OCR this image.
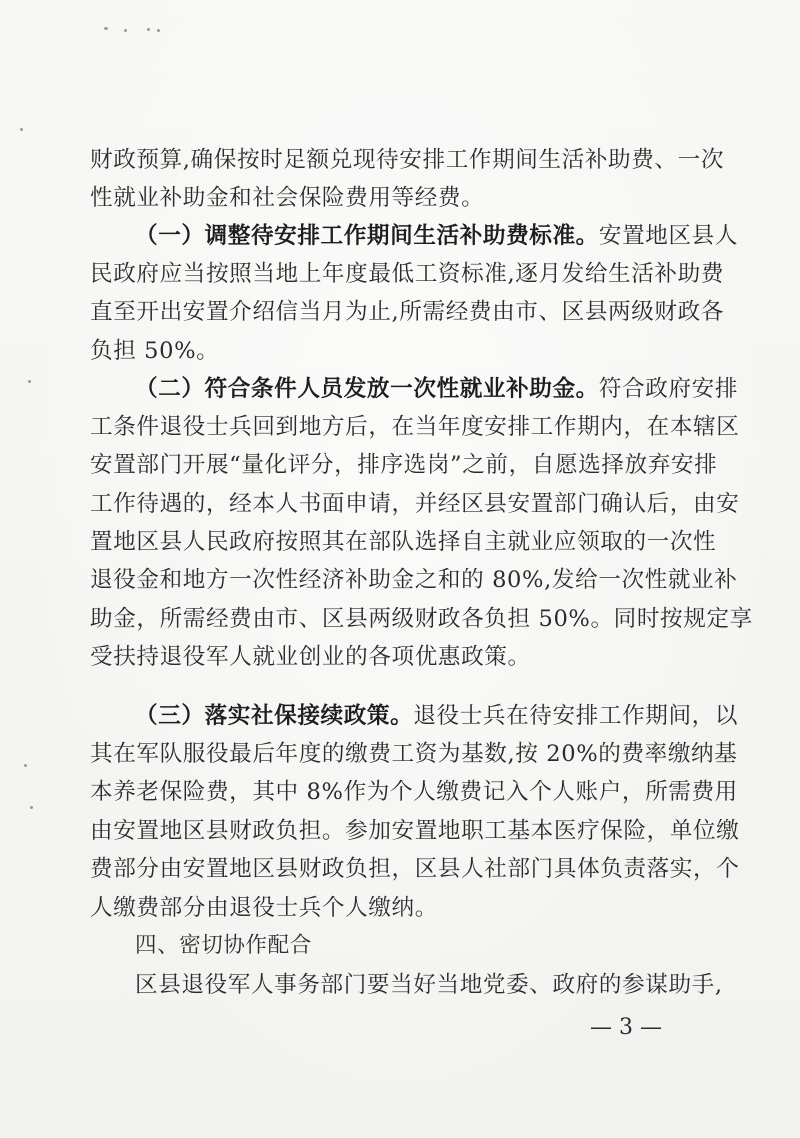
财政预算,确保按时足额兑现待安排工作期间生活补助费、一次
性就业补助金和社会保险费用等经费。
（一）调整待安排工作期间生活补助费标准。安置地区县人
民政府应当按照当地上年度最低工资标准,逐月发给生活补助费
直至开出安置介绍信当月为止,所需经费由市、区县两级财政各
负担 50%。
（二）符合条件人员发放一次性就业补助金。符合政府安排
工条件退役士兵回到地方后，在当年度安排工作期内，在本辖区
安置部门开展“量化评分，排序选岗”之前，自愿选择放弃安排
工作待遇的，经本人书面申请，并经区县安置部门确认后，由安
置地区县人民政府按照其在部队选择自主就业应领取的一次性
退役金和地方一次性经济补助金之和的 80%,发给一次性就业补
助金，所需经费由市、区县两级财政各负担 50%。同时按规定享
受扶持退役军人就业创业的各项优惠政策。
（三）落实社保接续政策。退役士兵在待安排工作期间，以
其在军队服役最后年度的缴费工资为基数,按 20%的费率缴纳基
本养老保险费，其中 8%作为个人缴费记入个人账户，所需费用
由安置地区县财政负担。参加安置地职工基本医疗保险，单位缴
费部分由安置地区县财政负担，区县人社部门具体负责落实，个
人缴费部分由退役士兵个人缴纳。
四、密切协作配合
区县退役军人事务部门要当好当地党委、政府的参谋助手,
— 3 —
